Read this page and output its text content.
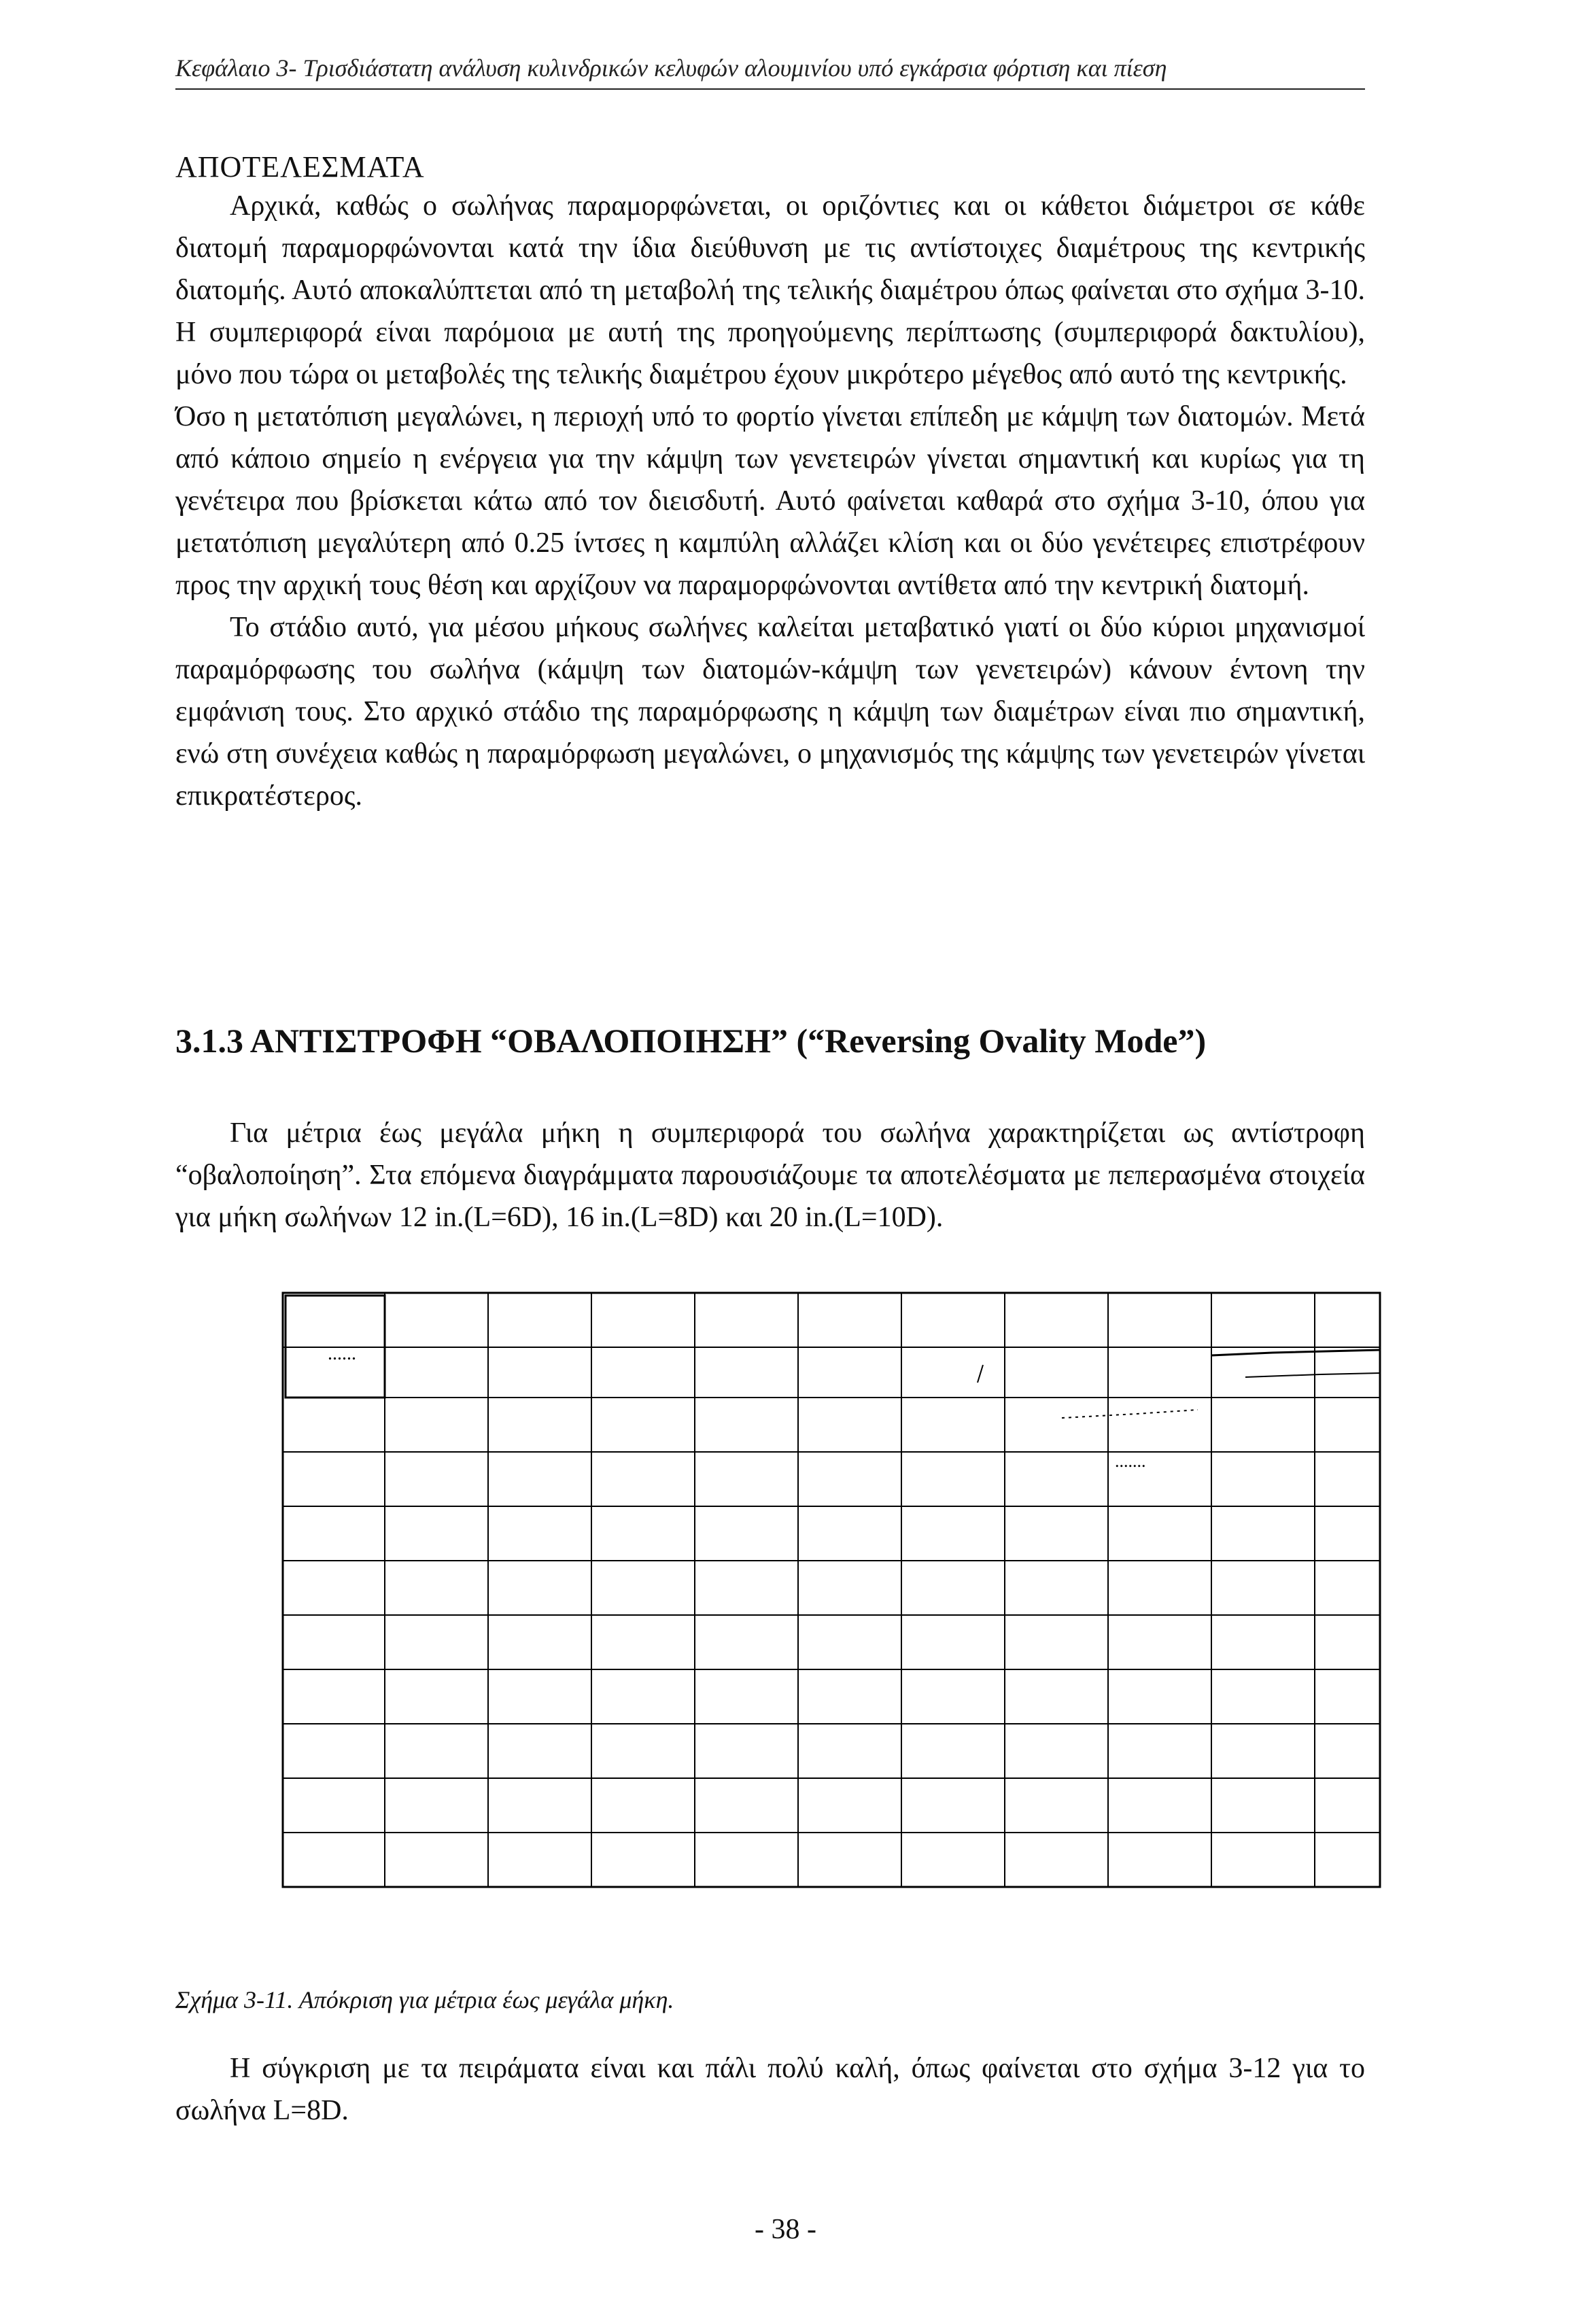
Κεφάλαιο 3- Τρισδιάστατη ανάλυση κυλινδρικών κελυφών αλουμινίου υπό εγκάρσια φόρτιση και πίεση
ΑΠΟΤΕΛΕΣΜΑΤΑ

Αρχικά, καθώς ο σωλήνας παραμορφώνεται, οι οριζόντιες και οι κάθετοι διάμετροι σε κάθε διατομή παραμορφώνονται κατά την ίδια διεύθυνση με τις αντίστοιχες διαμέτρους της κεντρικής διατομής. Αυτό αποκαλύπτεται από τη μεταβολή της τελικής διαμέτρου όπως φαίνεται στο σχήμα 3-10. Η συμπεριφορά είναι παρόμοια με αυτή της προηγούμενης περίπτωσης (συμπεριφορά δακτυλίου), μόνο που τώρα οι μεταβολές της τελικής διαμέτρου έχουν μικρότερο μέγεθος από αυτό της κεντρικής.

Όσο η μετατόπιση μεγαλώνει, η περιοχή υπό το φορτίο γίνεται επίπεδη με κάμψη των διατομών. Μετά από κάποιο σημείο η ενέργεια για την κάμψη των γενετειρών γίνεται σημαντική και κυρίως για τη γενέτειρα που βρίσκεται κάτω από τον διεισδυτή. Αυτό φαίνεται καθαρά στο σχήμα 3-10, όπου για μετατόπιση μεγαλύτερη από 0.25 ίντσες η καμπύλη αλλάζει κλίση και οι δύο γενέτειρες επιστρέφουν προς την αρχική τους θέση και αρχίζουν να παραμορφώνονται αντίθετα από την κεντρική διατομή.

Το στάδιο αυτό, για μέσου μήκους σωλήνες καλείται μεταβατικό γιατί οι δύο κύριοι μηχανισμοί παραμόρφωσης του σωλήνα (κάμψη των διατομών-κάμψη των γενετειρών) κάνουν έντονη την εμφάνιση τους. Στο αρχικό στάδιο της παραμόρφωσης η κάμψη των διαμέτρων είναι πιο σημαντική, ενώ στη συνέχεια καθώς η παραμόρφωση μεγαλώνει, ο μηχανισμός της κάμψης των γενετειρών γίνεται επικρατέστερος.

3.1.3 ΑΝΤΙΣΤΡΟΦΗ “ΟΒΑΛΟΠΟΙΗΣΗ” (“Reversing Ovality Mode”)

Για μέτρια έως μεγάλα μήκη η συμπεριφορά του σωλήνα χαρακτηρίζεται ως αντίστροφη “οβαλοποίηση”. Στα επόμενα διαγράμματα παρουσιάζουμε τα αποτελέσματα με πεπερασμένα στοιχεία για μήκη σωλήνων 12 in.(L=6D), 16 in.(L=8D) και 20 in.(L=10D).

......
.......
Σχήμα 3-11. Απόκριση για μέτρια έως μεγάλα μήκη.

Η σύγκριση με τα πειράματα είναι και πάλι πολύ καλή, όπως φαίνεται στο σχήμα 3-12 για το σωλήνα L=8D.

- 38 -
